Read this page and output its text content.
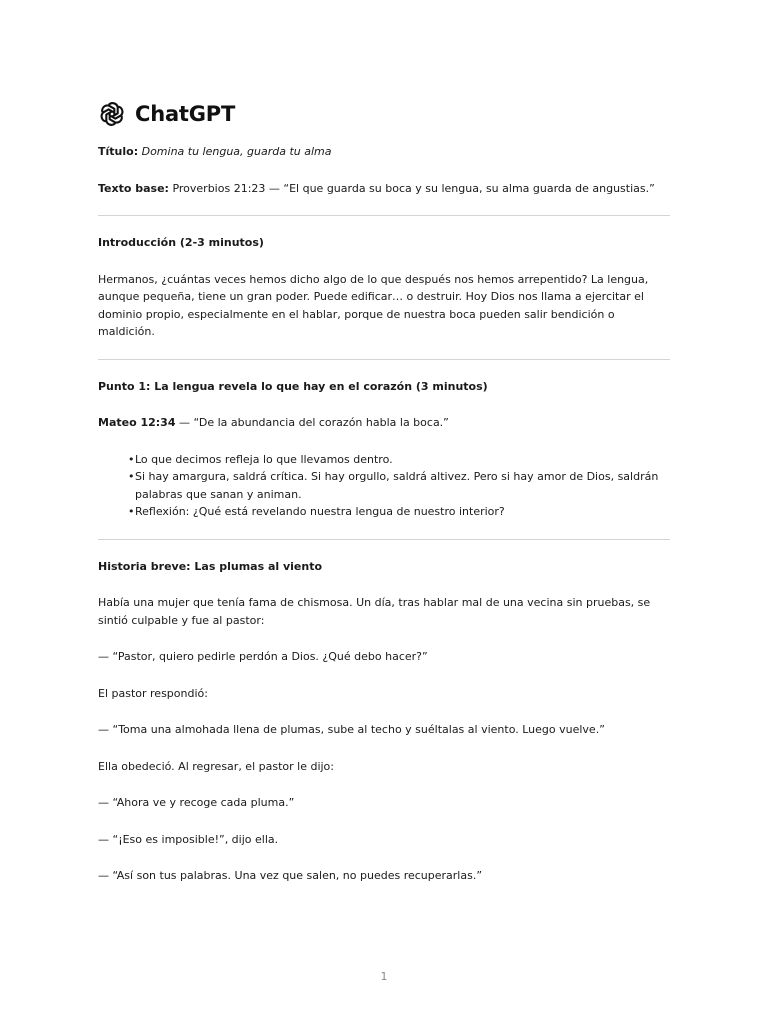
ChatGPT

Título: Domina tu lengua, guarda tu alma

Texto base: Proverbios 21:23 — “El que guarda su boca y su lengua, su alma guarda de angustias.”

Introducción (2-3 minutos)

Hermanos, ¿cuántas veces hemos dicho algo de lo que después nos hemos arrepentido? La lengua, aunque pequeña, tiene un gran poder. Puede edificar… o destruir. Hoy Dios nos llama a ejercitar el dominio propio, especialmente en el hablar, porque de nuestra boca pueden salir bendición o maldición.

Punto 1: La lengua revela lo que hay en el corazón (3 minutos)

Mateo 12:34 — “De la abundancia del corazón habla la boca.”

• Lo que decimos refleja lo que llevamos dentro.
• Si hay amargura, saldrá crítica. Si hay orgullo, saldrá altivez. Pero si hay amor de Dios, saldrán palabras que sanan y animan.
• Reflexión: ¿Qué está revelando nuestra lengua de nuestro interior?

Historia breve: Las plumas al viento

Había una mujer que tenía fama de chismosa. Un día, tras hablar mal de una vecina sin pruebas, se sintió culpable y fue al pastor:

— “Pastor, quiero pedirle perdón a Dios. ¿Qué debo hacer?”

El pastor respondió:

— “Toma una almohada llena de plumas, sube al techo y suéltalas al viento. Luego vuelve.”

Ella obedeció. Al regresar, el pastor le dijo:

— “Ahora ve y recoge cada pluma.”

— “¡Eso es imposible!”, dijo ella.

— “Así son tus palabras. Una vez que salen, no puedes recuperarlas.”

1
